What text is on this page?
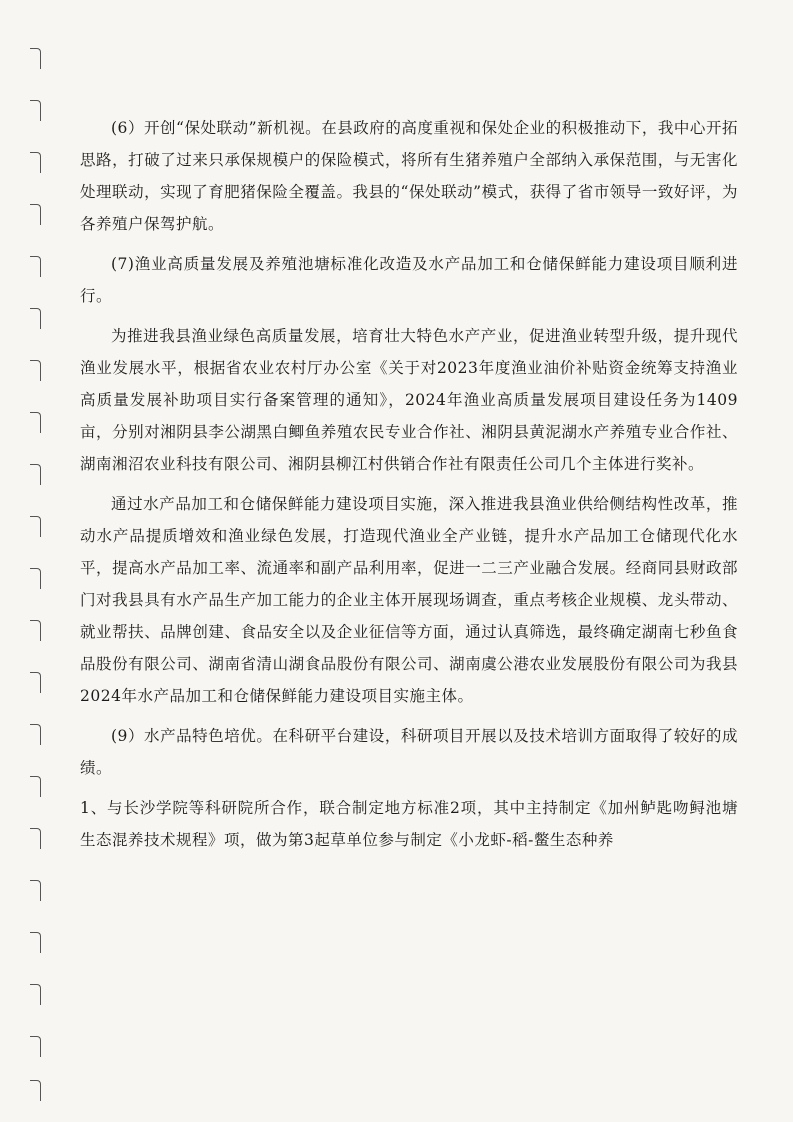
(6）开创“保处联动”新机视。在县政府的高度重视和保处企业的积极推动下，我中心开拓思路，打破了过来只承保规模户的保险模式，将所有生猪养殖户全部纳入承保范围，与无害化处理联动，实现了育肥猪保险全覆盖。我县的“保处联动”模式，获得了省市领导一致好评，为各养殖户保驾护航。

(7)渔业高质量发展及养殖池塘标准化改造及水产品加工和仓储保鲜能力建设项目顺利进行。

为推进我县渔业绿色高质量发展，培育壮大特色水产产业，促进渔业转型升级，提升现代渔业发展水平，根据省农业农村厅办公室《关于对2023年度渔业油价补贴资金统筹支持渔业高质量发展补助项目实行备案管理的通知》，2024年渔业高质量发展项目建设任务为1409亩，分别对湘阴县李公湖黑白鲫鱼养殖农民专业合作社、湘阴县黄泥湖水产养殖专业合作社、湖南湘沼农业科技有限公司、湘阴县柳江村供销合作社有限责任公司几个主体进行奖补。

通过水产品加工和仓储保鲜能力建设项目实施，深入推进我县渔业供给侧结构性改革，推动水产品提质增效和渔业绿色发展，打造现代渔业全产业链，提升水产品加工仓储现代化水平，提高水产品加工率、流通率和副产品利用率，促进一二三产业融合发展。经商同县财政部门对我县具有水产品生产加工能力的企业主体开展现场调查，重点考核企业规模、龙头带动、就业帮扶、品牌创建、食品安全以及企业征信等方面，通过认真筛选，最终确定湖南七秒鱼食品股份有限公司、湖南省清山湖食品股份有限公司、湖南虞公港农业发展股份有限公司为我县2024年水产品加工和仓储保鲜能力建设项目实施主体。

(9）水产品特色培优。在科研平台建设，科研项目开展以及技术培训方面取得了较好的成绩。

1、与长沙学院等科研院所合作，联合制定地方标准2项，其中主持制定《加州鲈匙吻鲟池塘生态混养技术规程》项，做为第3起草单位参与制定《小龙虾-稻-鳖生态种养
